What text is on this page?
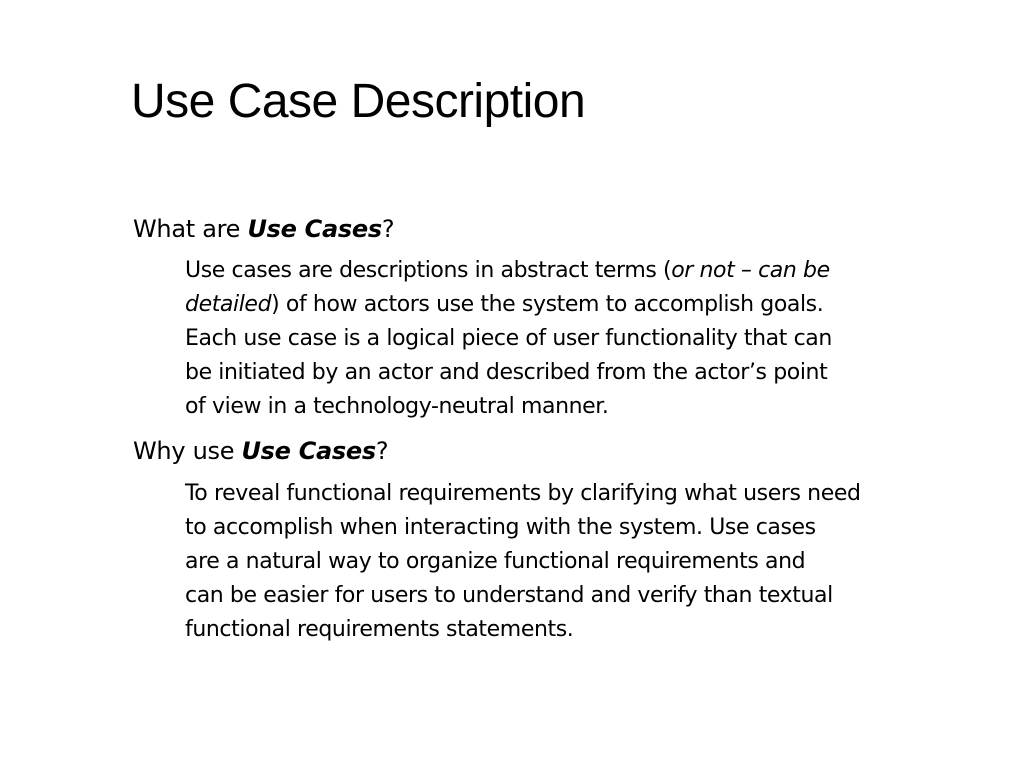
Use Case Description
What are Use Cases?
Use cases are descriptions in abstract terms (or not – can be
detailed) of how actors use the system to accomplish goals.
Each use case is a logical piece of user functionality that can
be initiated by an actor and described from the actor’s point
of view in a technology-neutral manner.
Why use Use Cases?
To reveal functional requirements by clarifying what users need
to accomplish when interacting with the system. Use cases
are a natural way to organize functional requirements and
can be easier for users to understand and verify than textual
functional requirements statements.
